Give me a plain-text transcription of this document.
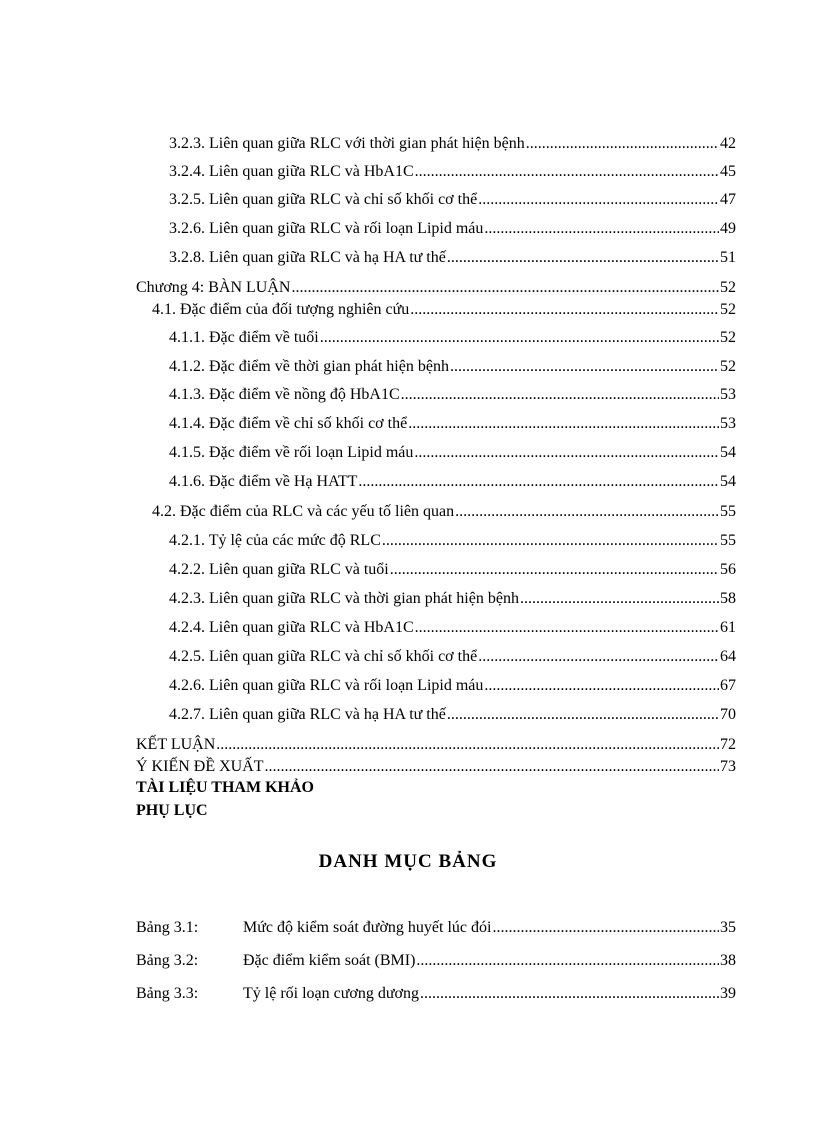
3.2.3. Liên quan giữa RLC với thời gian phát hiện bệnh .....	42
3.2.4. Liên quan giữa RLC và HbA1C .....	45
3.2.5. Liên quan giữa RLC và chỉ số khối cơ thể .....	47
3.2.6. Liên quan giữa RLC và rối loạn Lipid máu .....	49
3.2.8. Liên quan giữa RLC và hạ HA tư thế .....	51
Chương 4: BÀN LUẬN .....	52
4.1. Đặc điểm của đối tượng nghiên cứu .....	52
4.1.1. Đặc điểm về tuổi .....	52
4.1.2. Đặc điểm về thời gian phát hiện bệnh .....	52
4.1.3. Đặc điểm về nồng độ HbA1C .....	53
4.1.4. Đặc điểm về chỉ số khối cơ thể .....	53
4.1.5. Đặc điểm về rối loạn Lipid máu .....	54
4.1.6. Đặc điểm về Hạ HATT .....	54
4.2. Đặc điểm của RLC và các yếu tố liên quan .....	55
4.2.1. Tỷ lệ của các mức độ RLC .....	55
4.2.2. Liên quan giữa RLC và tuổi .....	56
4.2.3. Liên quan giữa RLC và thời gian phát hiện bệnh .....	58
4.2.4. Liên quan giữa RLC và HbA1C .....	61
4.2.5. Liên quan giữa RLC và chỉ số khối cơ thể .....	64
4.2.6. Liên quan giữa RLC và rối loạn Lipid máu .....	67
4.2.7. Liên quan giữa RLC và hạ HA tư thế .....	70
KẾT LUẬN .....	72
Ý KIẾN ĐỀ XUẤT .....	73
TÀI LIỆU THAM KHẢO
PHỤ LỤC
DANH MỤC BẢNG
Bảng 3.1:	Mức độ kiểm soát đường huyết lúc đói .....	35
Bảng 3.2:	Đặc điểm kiểm soát (BMI) .....	38
Bảng 3.3:	Tỷ lệ rối loạn cương dương .....	39
